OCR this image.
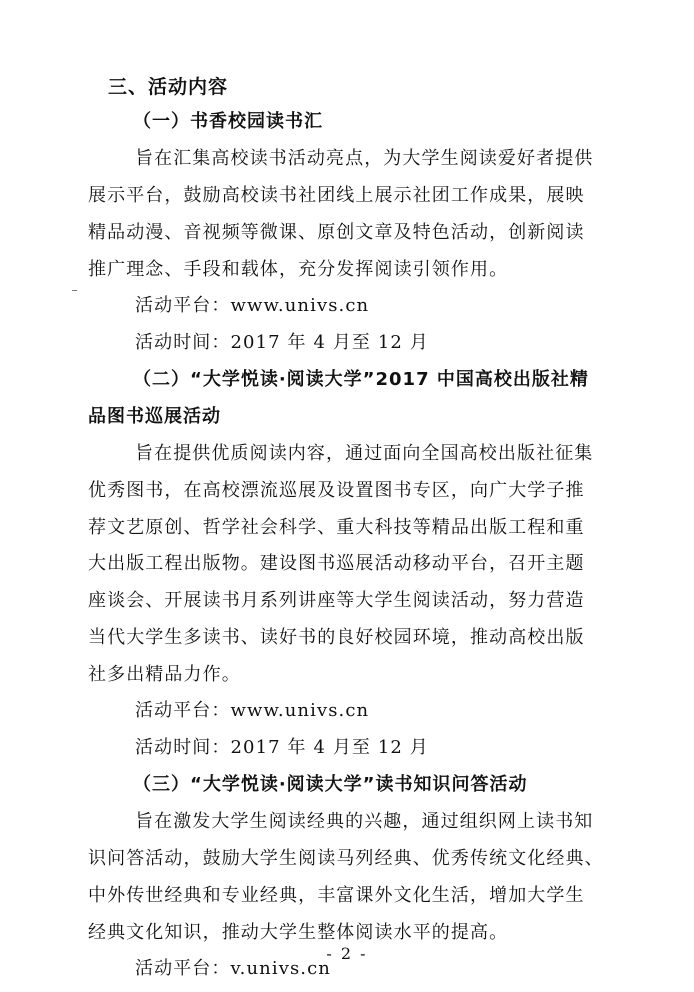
三、活动内容
（一）书香校园读书汇
旨在汇集高校读书活动亮点，为大学生阅读爱好者提供
展示平台，鼓励高校读书社团线上展示社团工作成果，展映
精品动漫、音视频等微课、原创文章及特色活动，创新阅读
推广理念、手段和载体，充分发挥阅读引领作用。
活动平台：www.univs.cn
活动时间：2017 年 4 月至 12 月
（二）“大学悦读·阅读大学”2017 中国高校出版社精
品图书巡展活动
旨在提供优质阅读内容，通过面向全国高校出版社征集
优秀图书，在高校漂流巡展及设置图书专区，向广大学子推
荐文艺原创、哲学社会科学、重大科技等精品出版工程和重
大出版工程出版物。建设图书巡展活动移动平台，召开主题
座谈会、开展读书月系列讲座等大学生阅读活动，努力营造
当代大学生多读书、读好书的良好校园环境，推动高校出版
社多出精品力作。
活动平台：www.univs.cn
活动时间：2017 年 4 月至 12 月
（三）“大学悦读·阅读大学”读书知识问答活动
旨在激发大学生阅读经典的兴趣，通过组织网上读书知
识问答活动，鼓励大学生阅读马列经典、优秀传统文化经典、
中外传世经典和专业经典，丰富课外文化生活，增加大学生
经典文化知识，推动大学生整体阅读水平的提高。
活动平台：v.univs.cn
- 2 -
